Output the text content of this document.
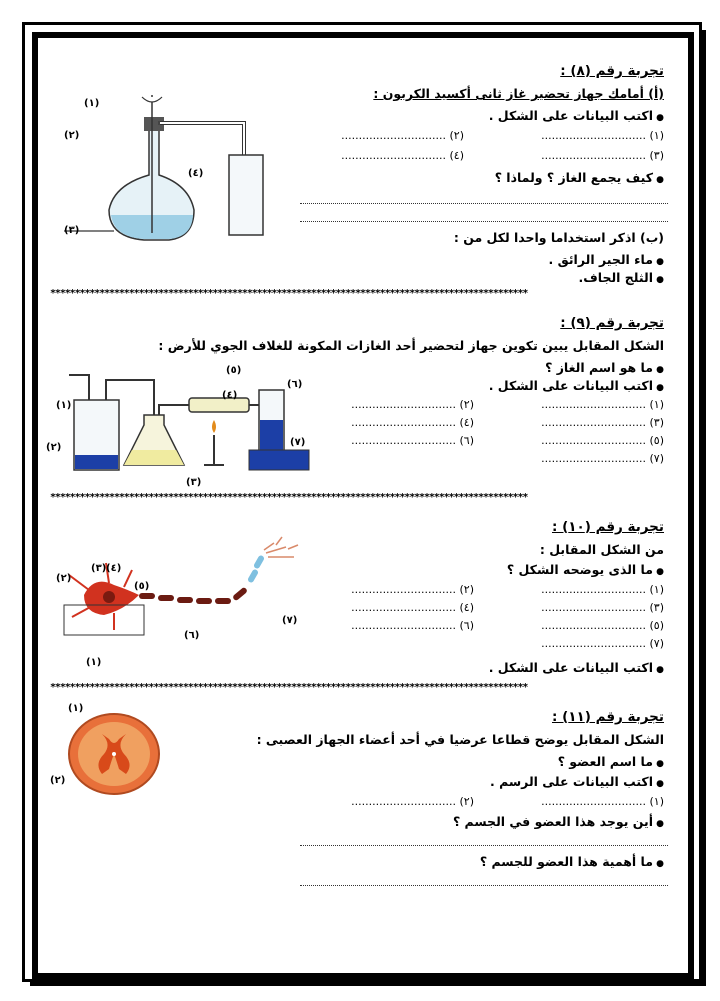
تجربة رقم (٨) :
(أ) أمامك جهاز تحضير غاز ثانى أكسيد الكربون :
● اكتب البيانات على الشكل .
(١) ..............................
(٢) ..............................
(٣) ..............................
(٤) ..............................
● كيف يجمع الغاز ؟ ولماذا ؟
(ب) اذكر استخداما واحدا لكل من :
● ماء الجير الرائق .
● الثلج الجاف.
(١)
(٢)
(٣)
(٤)
*************************************************************************************************
تجربة رقم (٩) :
الشكل المقابل يبين تكوين جهاز لتحضير أحد الغازات المكونة للغلاف الجوي للأرض :
● ما هو اسم الغاز ؟
● اكتب البيانات على الشكل .
(١) ..............................
(٢) ..............................
(٣) ..............................
(٤) ..............................
(٥) ..............................
(٦) ..............................
(٧) ..............................
(١)
(٢)
(٣)
(٤)
(٥)
(٦)
(٧)
*************************************************************************************************
تجربة رقم (١٠) :
من الشكل المقابل :
● ما الذى يوضحه الشكل ؟
(١) ..............................
(٢) ..............................
(٣) ..............................
(٤) ..............................
(٥) ..............................
(٦) ..............................
(٧) ..............................
● اكتب البيانات على الشكل .
(٢)
(٣) (٤)
(٥)
(١)
(٦)
(٧)
*************************************************************************************************
تجربة رقم (١١) :
الشكل المقابل يوضح قطاعا عرضيا في أحد أعضاء الجهاز العصبى :
● ما اسم العضو ؟
● اكتب البيانات على الرسم .
(١) ..............................
(٢) ..............................
● أين يوجد هذا العضو في الجسم ؟
● ما أهمية هذا العضو للجسم ؟
(١)
(٢)
